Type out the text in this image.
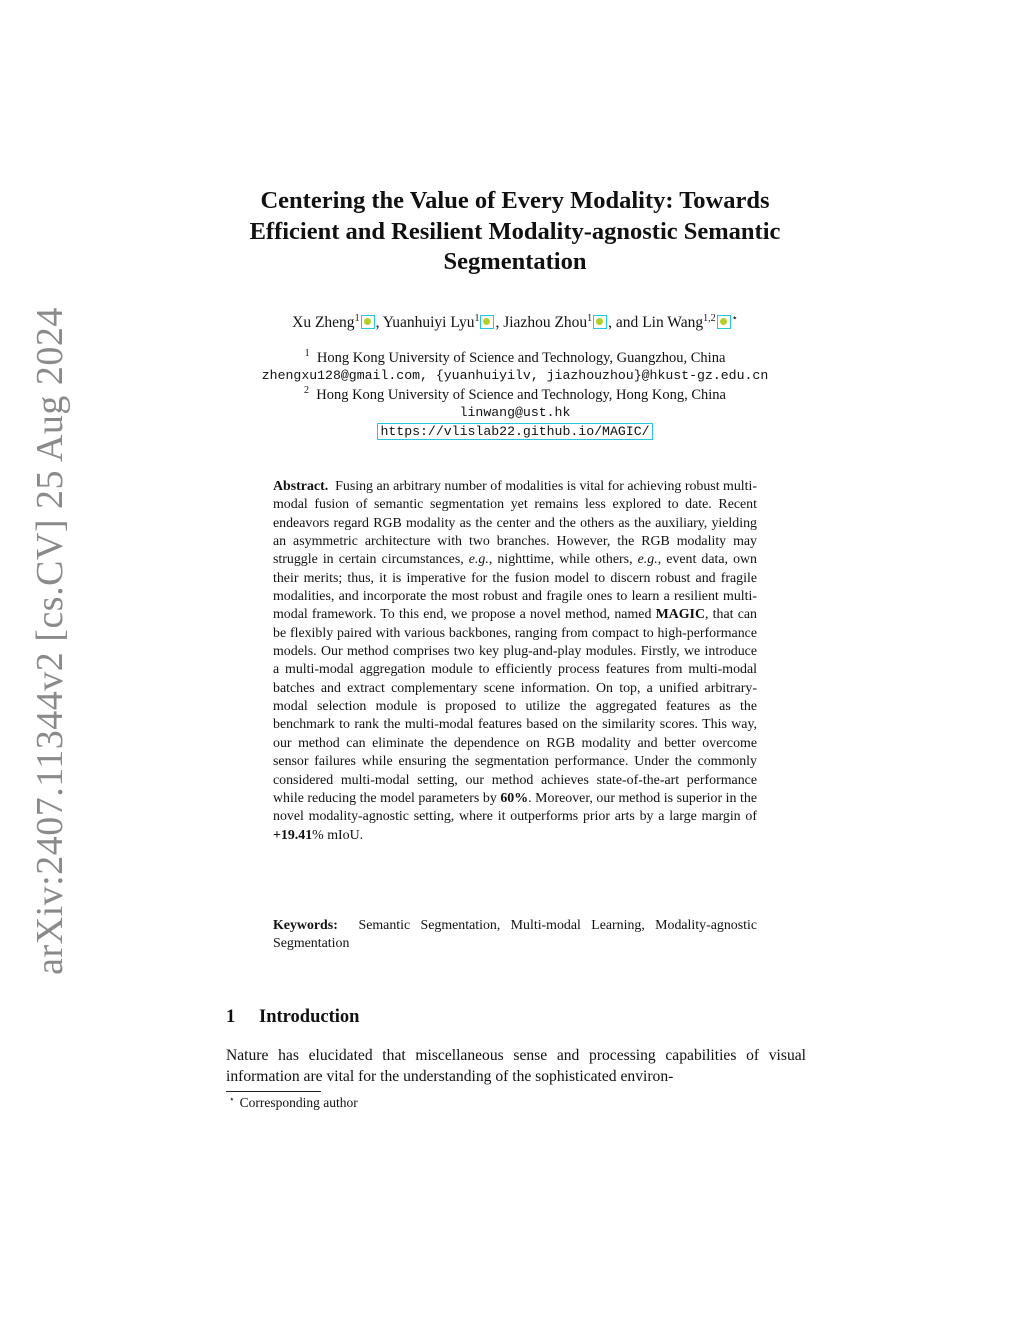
arXiv:2407.11344v2 [cs.CV] 25 Aug 2024
Centering the Value of Every Modality: Towards Efficient and Resilient Modality-agnostic Semantic Segmentation
Xu Zheng$^1$ , Yuanhuiyi Lyu$^1$ , Jiazhou Zhou$^1$ , and Lin Wang$^{1,2}$ ⋆
$^1$ Hong Kong University of Science and Technology, Guangzhou, China
zhengxu128@gmail.com, {yuanhuiyilv, jiazhouzhou}@hkust-gz.edu.cn
$^2$ Hong Kong University of Science and Technology, Hong Kong, China
linwang@ust.hk
https://vlislab22.github.io/MAGIC/

Abstract. Fusing an arbitrary number of modalities is vital for achieving robust multi-modal fusion of semantic segmentation yet remains less explored to date. Recent endeavors regard RGB modality as the center and the others as the auxiliary, yielding an asymmetric architecture with two branches. However, the RGB modality may struggle in certain circumstances, e.g., nighttime, while others, e.g., event data, own their merits; thus, it is imperative for the fusion model to discern robust and fragile modalities, and incorporate the most robust and fragile ones to learn a resilient multi-modal framework. To this end, we propose a novel method, named MAGIC, that can be flexibly paired with various backbones, ranging from compact to high-performance models. Our method comprises two key plug-and-play modules. Firstly, we introduce a multi-modal aggregation module to efficiently process features from multi-modal batches and extract complementary scene information. On top, a unified arbitrary-modal selection module is proposed to utilize the aggregated features as the benchmark to rank the multi-modal features based on the similarity scores. This way, our method can eliminate the dependence on RGB modality and better overcome sensor failures while ensuring the segmentation performance. Under the commonly considered multi-modal setting, our method achieves state-of-the-art performance while reducing the model parameters by 60%. Moreover, our method is superior in the novel modality-agnostic setting, where it outperforms prior arts by a large margin of +19.41% mIoU.

Keywords: Semantic Segmentation, Multi-modal Learning, Modality-agnostic Segmentation
1 Introduction

Nature has elucidated that miscellaneous sense and processing capabilities of visual information are vital for the understanding of the sophisticated environ-

⋆ Corresponding author
